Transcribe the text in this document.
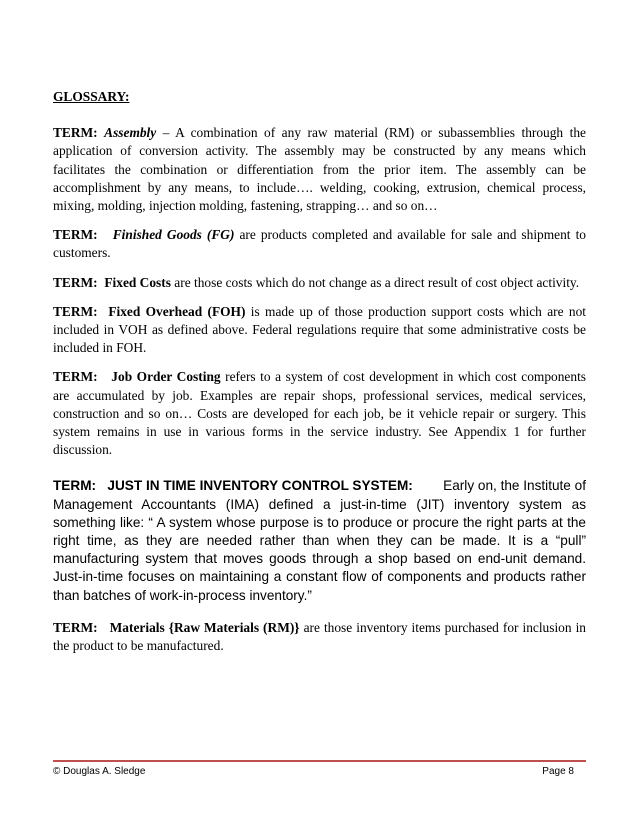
GLOSSARY:

TERM: Assembly – A combination of any raw material (RM) or subassemblies through the application of conversion activity. The assembly may be constructed by any means which facilitates the combination or differentiation from the prior item. The assembly can be accomplishment by any means, to include…. welding, cooking, extrusion, chemical process, mixing, molding, injection molding, fastening, strapping… and so on…

TERM: Finished Goods (FG) are products completed and available for sale and shipment to customers.

TERM: Fixed Costs are those costs which do not change as a direct result of cost object activity.

TERM: Fixed Overhead (FOH) is made up of those production support costs which are not included in VOH as defined above. Federal regulations require that some administrative costs be included in FOH.

TERM: Job Order Costing refers to a system of cost development in which cost components are accumulated by job. Examples are repair shops, professional services, medical services, construction and so on… Costs are developed for each job, be it vehicle repair or surgery. This system remains in use in various forms in the service industry. See Appendix 1 for further discussion.

TERM: JUST IN TIME INVENTORY CONTROL SYSTEM: Early on, the Institute of Management Accountants (IMA) defined a just-in-time (JIT) inventory system as something like: “ A system whose purpose is to produce or procure the right parts at the right time, as they are needed rather than when they can be made. It is a “pull” manufacturing system that moves goods through a shop based on end-unit demand. Just-in-time focuses on maintaining a constant flow of components and products rather than batches of work-in-process inventory.”

TERM: Materials {Raw Materials (RM)} are those inventory items purchased for inclusion in the product to be manufactured.

© Douglas A. Sledge	Page 8
